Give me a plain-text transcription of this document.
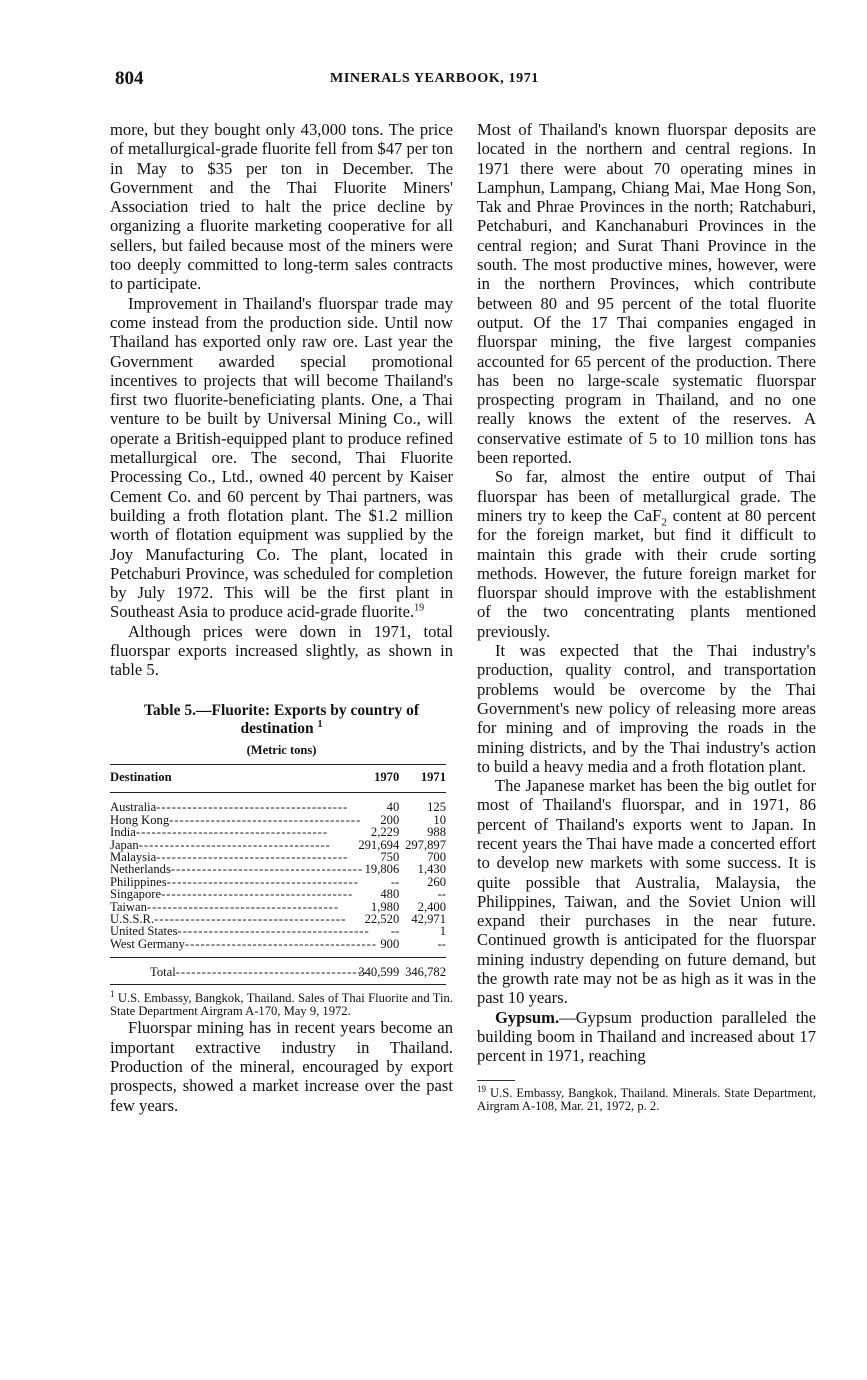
804	MINERALS YEARBOOK, 1971

more, but they bought only 43,000 tons. The price of metallurgical-grade fluorite fell from $47 per ton in May to $35 per ton in December. The Government and the Thai Fluorite Miners' Association tried to halt the price decline by organizing a fluorite marketing cooperative for all sellers, but failed because most of the miners were too deeply committed to long-term sales contracts to participate.

Improvement in Thailand's fluorspar trade may come instead from the production side. Until now Thailand has exported only raw ore. Last year the Government awarded special promotional incentives to projects that will become Thailand's first two fluorite-beneficiating plants. One, a Thai venture to be built by Universal Mining Co., will operate a British-equipped plant to produce refined metallurgical ore. The second, Thai Fluorite Processing Co., Ltd., owned 40 percent by Kaiser Cement Co. and 60 percent by Thai partners, was building a froth flotation plant. The $1.2 million worth of flotation equipment was supplied by the Joy Manufacturing Co. The plant, located in Petchaburi Province, was scheduled for completion by July 1972. This will be the first plant in Southeast Asia to produce acid-grade fluorite.$^{19}$

Although prices were down in 1971, total fluorspar exports increased slightly, as shown in table 5.

Table 5.—Fluorite: Exports by country of destination $^1$
(Metric tons)
Destination	1970	1971
Australia-------------------------------------	40	125
Hong Kong-------------------------------------	200	10
India-------------------------------------	2,229	988
Japan-------------------------------------	291,694	297,897
Malaysia-------------------------------------	750	700
Netherlands-------------------------------------	19,806	1,430
Philippines-------------------------------------	--	260
Singapore-------------------------------------	480	--
Taiwan-------------------------------------	1,980	2,400
U.S.S.R.-------------------------------------	22,520	42,971
United States-------------------------------------	--	1
West Germany-------------------------------------	900	--
Total-------------------------------------	340,599	346,782
$^1$ U.S. Embassy, Bangkok, Thailand. Sales of Thai Fluorite and Tin. State Department Airgram A-170, May 9, 1972.

Fluorspar mining has in recent years become an important extractive industry in Thailand. Production of the mineral, encouraged by export prospects, showed a market increase over the past few years.

Most of Thailand's known fluorspar deposits are located in the northern and central regions. In 1971 there were about 70 operating mines in Lamphun, Lampang, Chiang Mai, Mae Hong Son, Tak and Phrae Provinces in the north; Ratchaburi, Petchaburi, and Kanchanaburi Provinces in the central region; and Surat Thani Province in the south. The most productive mines, however, were in the northern Provinces, which contribute between 80 and 95 percent of the total fluorite output. Of the 17 Thai companies engaged in fluorspar mining, the five largest companies accounted for 65 percent of the production. There has been no large-scale systematic fluorspar prospecting program in Thailand, and no one really knows the extent of the reserves. A conservative estimate of 5 to 10 million tons has been reported.

So far, almost the entire output of Thai fluorspar has been of metallurgical grade. The miners try to keep the CaF$_2$ content at 80 percent for the foreign market, but find it difficult to maintain this grade with their crude sorting methods. However, the future foreign market for fluorspar should improve with the establishment of the two concentrating plants mentioned previously.

It was expected that the Thai industry's production, quality control, and transportation problems would be overcome by the Thai Government's new policy of releasing more areas for mining and of improving the roads in the mining districts, and by the Thai industry's action to build a heavy media and a froth flotation plant.

The Japanese market has been the big outlet for most of Thailand's fluorspar, and in 1971, 86 percent of Thailand's exports went to Japan. In recent years the Thai have made a concerted effort to develop new markets with some success. It is quite possible that Australia, Malaysia, the Philippines, Taiwan, and the Soviet Union will expand their purchases in the near future. Continued growth is anticipated for the fluorspar mining industry depending on future demand, but the growth rate may not be as high as it was in the past 10 years.

Gypsum.—Gypsum production paralleled the building boom in Thailand and increased about 17 percent in 1971, reaching

$^{19}$ U.S. Embassy, Bangkok, Thailand. Minerals. State Department, Airgram A-108, Mar. 21, 1972, p. 2.
